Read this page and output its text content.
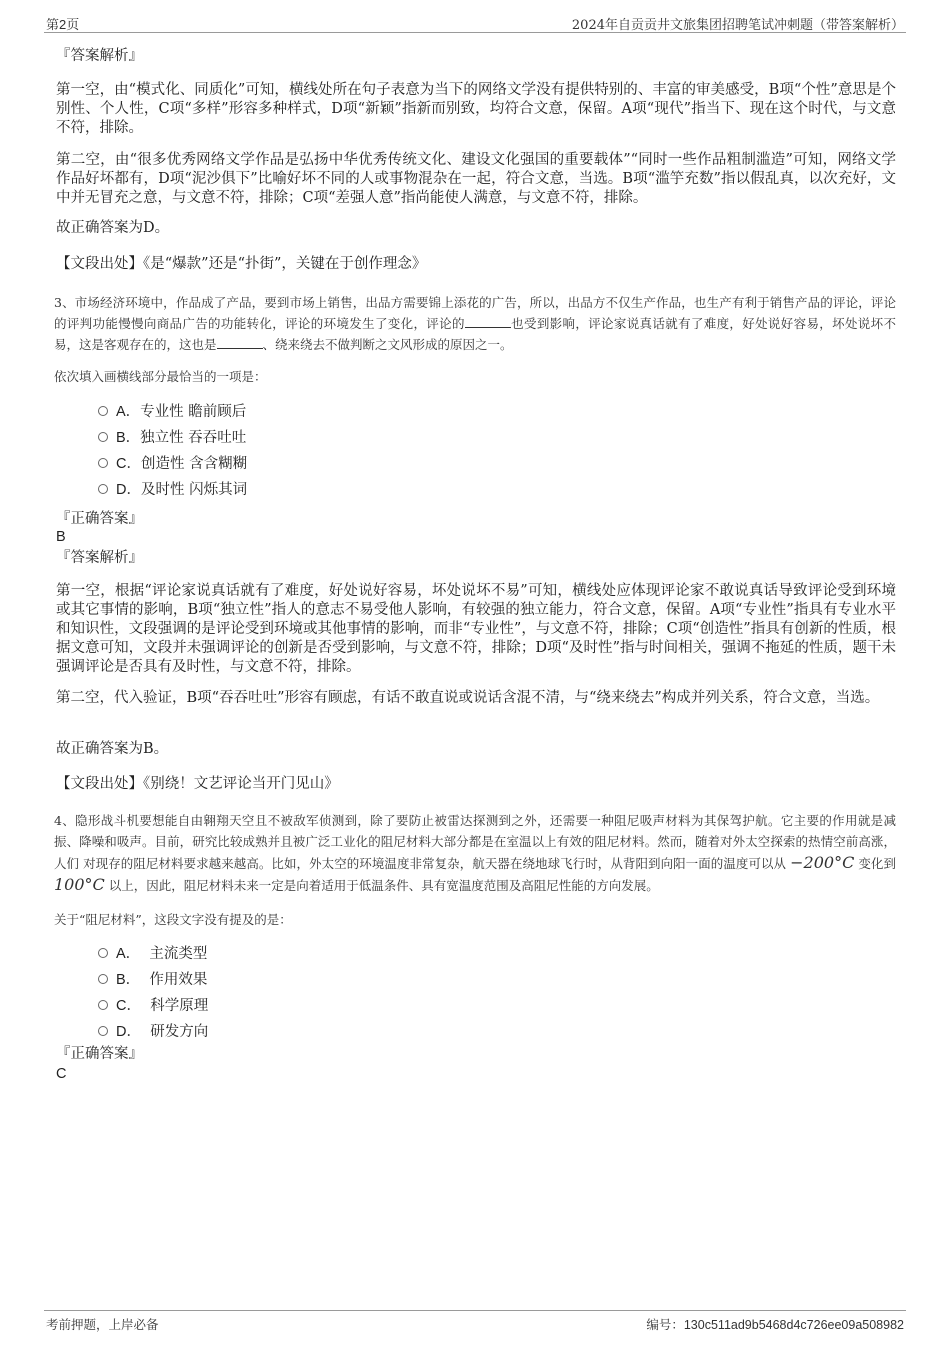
第2页	2024年自贡贡井文旅集团招聘笔试冲刺题（带答案解析）

『答案解析』

第一空，由“模式化、同质化”可知，横线处所在句子表意为当下的网络文学没有提供特别的、丰富的审美感受，B项“个性”意思是个别性、个人性，C项“多样”形容多种样式，D项“新颖”指新而别致，均符合文意，保留。A项“现代”指当下、现在这个时代，与文意不符，排除。

第二空，由“很多优秀网络文学作品是弘扬中华优秀传统文化、建设文化强国的重要载体”“同时一些作品粗制滥造”可知，网络文学作品好坏都有，D项“泥沙俱下”比喻好坏不同的人或事物混杂在一起，符合文意，当选。B项“滥竽充数”指以假乱真，以次充好，文中并无冒充之意，与文意不符，排除；C项“差强人意”指尚能使人满意，与文意不符，排除。

故正确答案为D。

【文段出处】《是“爆款”还是“扑街”，关键在于创作理念》

3、市场经济环境中，作品成了产品，要到市场上销售，出品方需要锦上添花的广告，所以，出品方不仅生产作品，也生产有利于销售产品的评论，评论的评判功能慢慢向商品广告的功能转化，评论的环境发生了变化，评论的	也受到影响，评论家说真话就有了难度，好处说好容易，坏处说坏不易，这是客观存在的，这也是	、绕来绕去不做判断之文风形成的原因之一。

依次填入画横线部分最恰当的一项是：

A．专业性 瞻前顾后
B．独立性 吞吞吐吐
C．创造性 含含糊糊
D．及时性 闪烁其词

『正确答案』

B

『答案解析』

第一空，根据“评论家说真话就有了难度，好处说好容易，坏处说坏不易”可知，横线处应体现评论家不敢说真话导致评论受到环境或其它事情的影响，B项“独立性”指人的意志不易受他人影响，有较强的独立能力，符合文意，保留。A项“专业性”指具有专业水平和知识性，文段强调的是评论受到环境或其他事情的影响，而非“专业性”，与文意不符，排除；C项“创造性”指具有创新的性质，根据文意可知，文段并未强调评论的创新是否受到影响，与文意不符，排除；D项“及时性”指与时间相关，强调不拖延的性质，题干未强调评论是否具有及时性，与文意不符，排除。

第二空，代入验证，B项“吞吞吐吐”形容有顾虑，有话不敢直说或说话含混不清，与“绕来绕去”构成并列关系，符合文意，当选。

故正确答案为B。

【文段出处】《别绕！文艺评论当开门见山》

4、隐形战斗机要想能自由翱翔天空且不被敌军侦测到，除了要防止被雷达探测到之外，还需要一种阻尼吸声材料为其保驾护航。它主要的作用就是减振、降噪和吸声。目前，研究比较成熟并且被广泛工业化的阻尼材料大部分都是在室温以上有效的阻尼材料。然而，随着对外太空探索的热情空前高涨， 人们 对现存的阻尼材料要求越来越高。比如，外太空的环境温度非常复杂，航天器在绕地球飞行时，从背阳到向阳一面的温度可以从 −200°C 变化到 100°C 以上，因此，阻尼材料未来一定是向着适用于低温条件、具有宽温度范围及高阻尼性能的方向发展。

关于“阻尼材料”，这段文字没有提及的是：

A． 主流类型
B． 作用效果
C． 科学原理
D． 研发方向

『正确答案』

C

考前押题，上岸必备	编号：130c511ad9b5468d4c726ee09a508982
